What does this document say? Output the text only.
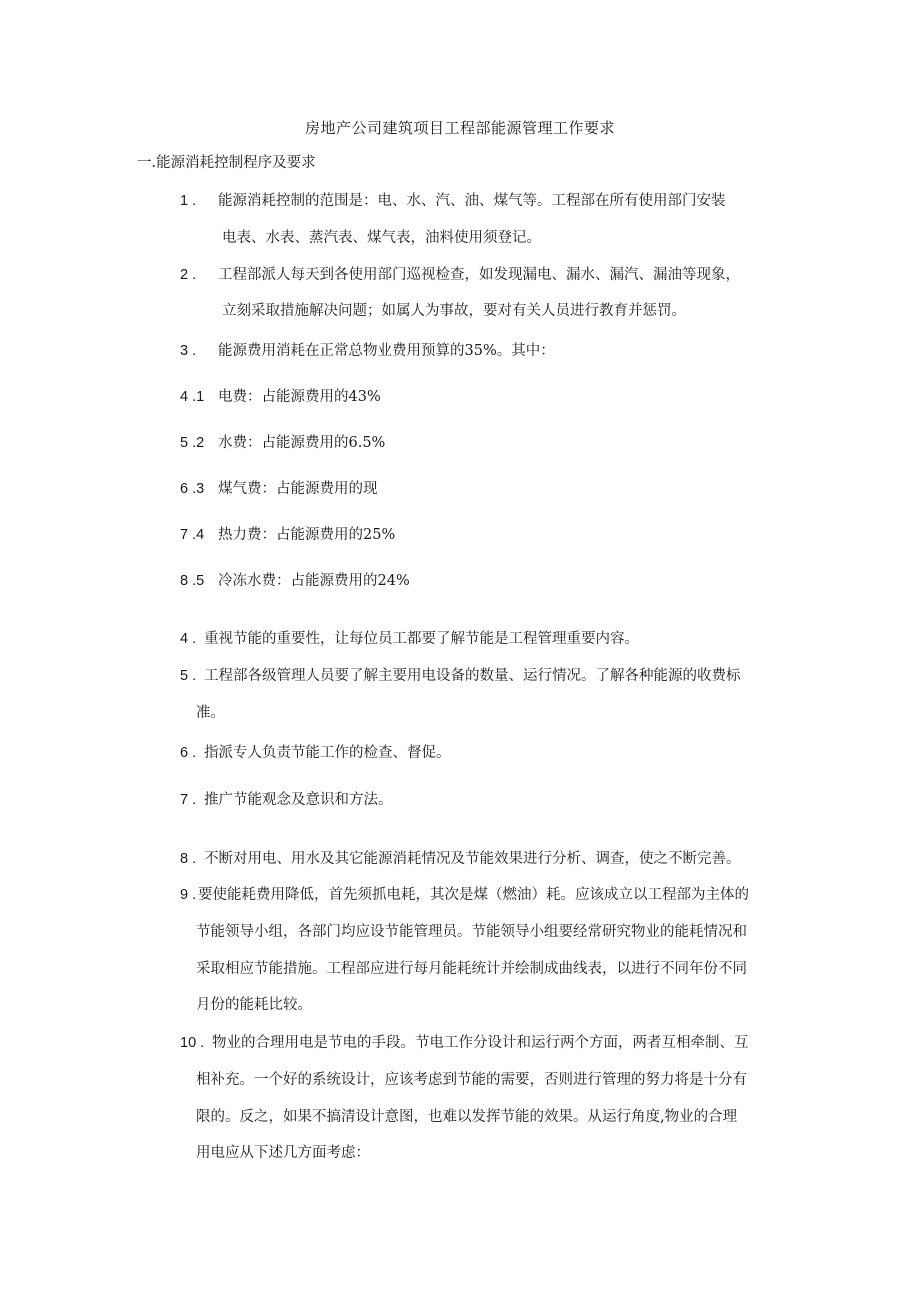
房地产公司建筑项目工程部能源管理工作要求
一.能源消耗控制程序及要求
1 . 能源消耗控制的范围是：电、水、汽、油、煤气等。工程部在所有使用部门安装
电表、水表、蒸汽表、煤气表，油料使用须登记。
2 . 工程部派人每天到各使用部门巡视检查，如发现漏电、漏水、漏汽、漏油等现象，
立刻采取措施解决问题；如属人为事故，要对有关人员进行教育并惩罚。
3 . 能源费用消耗在正常总物业费用预算的35%。其中：
4 .1 电费：占能源费用的43%
5 .2 水费：占能源费用的6.5%
6 .3 煤气费：占能源费用的现
7 .4 热力费：占能源费用的25%
8 .5 冷冻水费：占能源费用的24%
4 . 重视节能的重要性，让每位员工都要了解节能是工程管理重要内容。
5 . 工程部各级管理人员要了解主要用电设备的数量、运行情况。了解各种能源的收费标
准。
6 . 指派专人负责节能工作的检查、督促。
7 . 推广节能观念及意识和方法。
8 . 不断对用电、用水及其它能源消耗情况及节能效果进行分析、调查，使之不断完善。
9 . 要使能耗费用降低，首先须抓电耗，其次是煤（燃油）耗。应该成立以工程部为主体的
节能领导小组，各部门均应设节能管理员。节能领导小组要经常研究物业的能耗情况和
采取相应节能措施。工程部应进行每月能耗统计并绘制成曲线表，以进行不同年份不同
月份的能耗比较。
10 . 物业的合理用电是节电的手段。节电工作分设计和运行两个方面，两者互相牵制、互
相补充。一个好的系统设计，应该考虑到节能的需要，否则进行管理的努力将是十分有
限的。反之，如果不搞清设计意图，也难以发挥节能的效果。从运行角度,物业的合理
用电应从下述几方面考虑：
